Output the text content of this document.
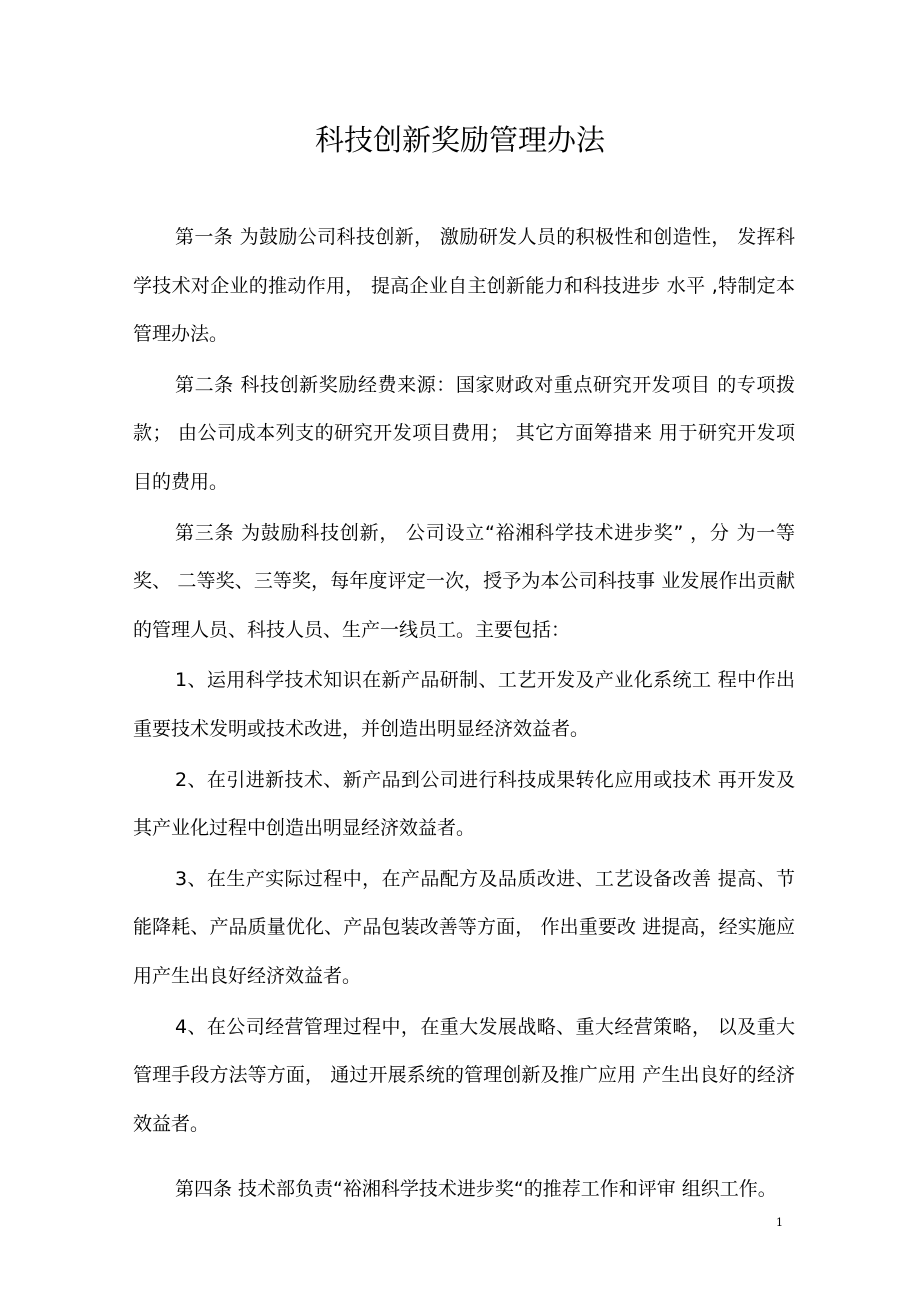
科技创新奖励管理办法

第一条 为鼓励公司科技创新， 激励研发人员的积极性和创造性， 发挥科学技术对企业的推动作用， 提高企业自主创新能力和科技进步 水平 ,特制定本管理办法。

第二条 科技创新奖励经费来源：国家财政对重点研究开发项目 的专项拨款； 由公司成本列支的研究开发项目费用； 其它方面筹措来 用于研究开发项目的费用。

第三条 为鼓励科技创新， 公司设立“裕湘科学技术进步奖” ，分 为一等奖、 二等奖、三等奖，每年度评定一次，授予为本公司科技事 业发展作出贡献的管理人员、科技人员、生产一线员工。主要包括：

1、运用科学技术知识在新产品研制、工艺开发及产业化系统工 程中作出重要技术发明或技术改进，并创造出明显经济效益者。

2、在引进新技术、新产品到公司进行科技成果转化应用或技术 再开发及其产业化过程中创造出明显经济效益者。

3、在生产实际过程中，在产品配方及品质改进、工艺设备改善 提高、节能降耗、产品质量优化、产品包装改善等方面， 作出重要改 进提高，经实施应用产生出良好经济效益者。

4、在公司经营管理过程中，在重大发展战略、重大经营策略， 以及重大管理手段方法等方面， 通过开展系统的管理创新及推广应用 产生出良好的经济效益者。

第四条 技术部负责“裕湘科学技术进步奖“的推荐工作和评审 组织工作。

1
